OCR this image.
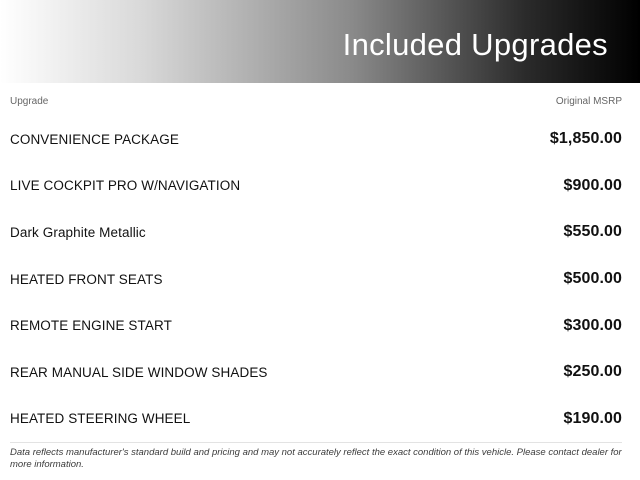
Included Upgrades
Upgrade	Original MSRP
CONVENIENCE PACKAGE	$1,850.00
LIVE COCKPIT PRO W/NAVIGATION	$900.00
Dark Graphite Metallic	$550.00
HEATED FRONT SEATS	$500.00
REMOTE ENGINE START	$300.00
REAR MANUAL SIDE WINDOW SHADES	$250.00
HEATED STEERING WHEEL	$190.00

Data reflects manufacturer's standard build and pricing and may not accurately reflect the exact condition of this vehicle. Please contact dealer for more information.
